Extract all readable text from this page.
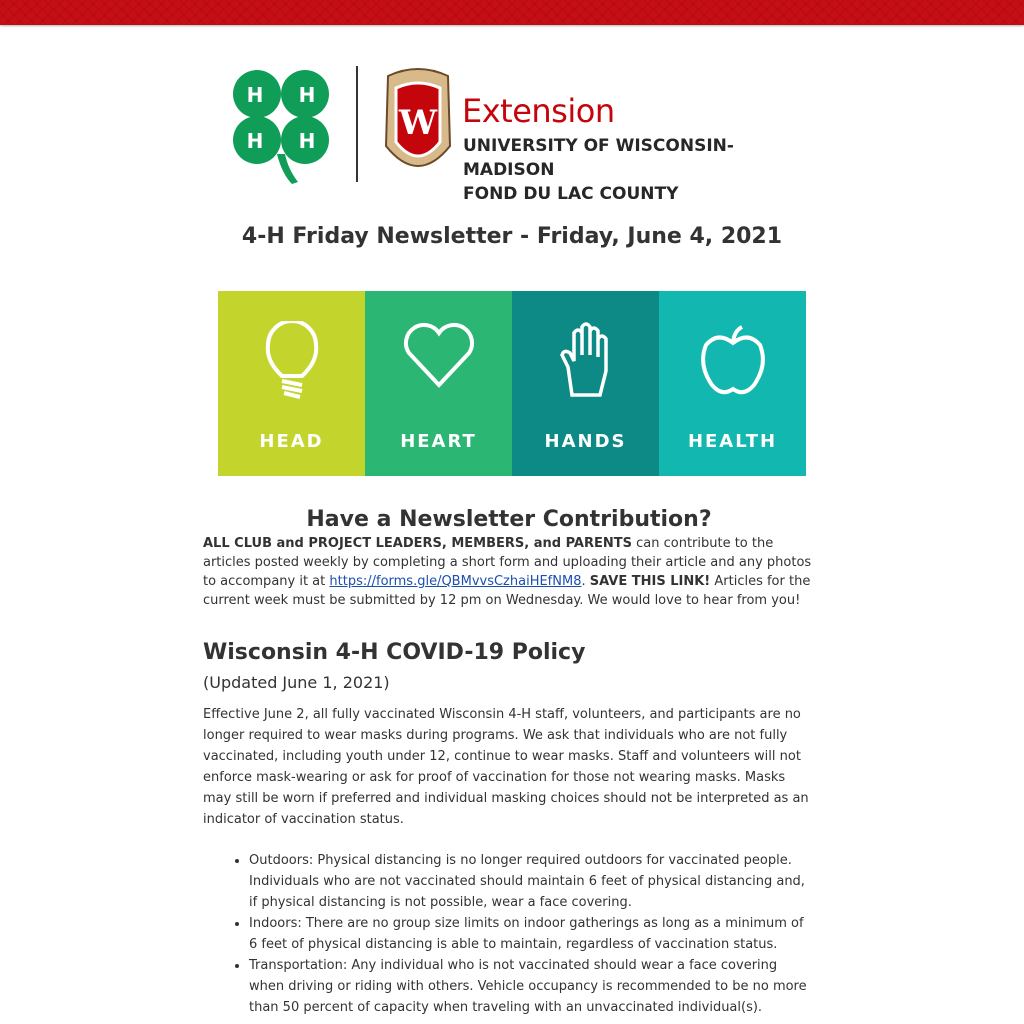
H H
H H W Extension
UNIVERSITY OF WISCONSIN-MADISON
FOND DU LAC COUNTY
4-H Friday Newsletter - Friday, June 4, 2021
HEAD	HEART	HANDS	HEALTH
Have a Newsletter Contribution?

ALL CLUB and PROJECT LEADERS, MEMBERS, and PARENTS can contribute to the articles posted weekly by completing a short form and uploading their article and any photos to accompany it at https://forms.gle/QBMvvsCzhaiHEfNM8. SAVE THIS LINK! Articles for the current week must be submitted by 12 pm on Wednesday. We would love to hear from you!

Wisconsin 4-H COVID-19 Policy
(Updated June 1, 2021)

Effective June 2, all fully vaccinated Wisconsin 4-H staff, volunteers, and participants are no longer required to wear masks during programs. We ask that individuals who are not fully vaccinated, including youth under 12, continue to wear masks. Staff and volunteers will not enforce mask-wearing or ask for proof of vaccination for those not wearing masks. Masks may still be worn if preferred and individual masking choices should not be interpreted as an indicator of vaccination status.

• Outdoors: Physical distancing is no longer required outdoors for vaccinated people. Individuals who are not vaccinated should maintain 6 feet of physical distancing and, if physical distancing is not possible, wear a face covering.
• Indoors: There are no group size limits on indoor gatherings as long as a minimum of 6 feet of physical distancing is able to maintain, regardless of vaccination status.
• Transportation: Any individual who is not vaccinated should wear a face covering when driving or riding with others. Vehicle occupancy is recommended to be no more than 50 percent of capacity when traveling with an unvaccinated individual(s).
